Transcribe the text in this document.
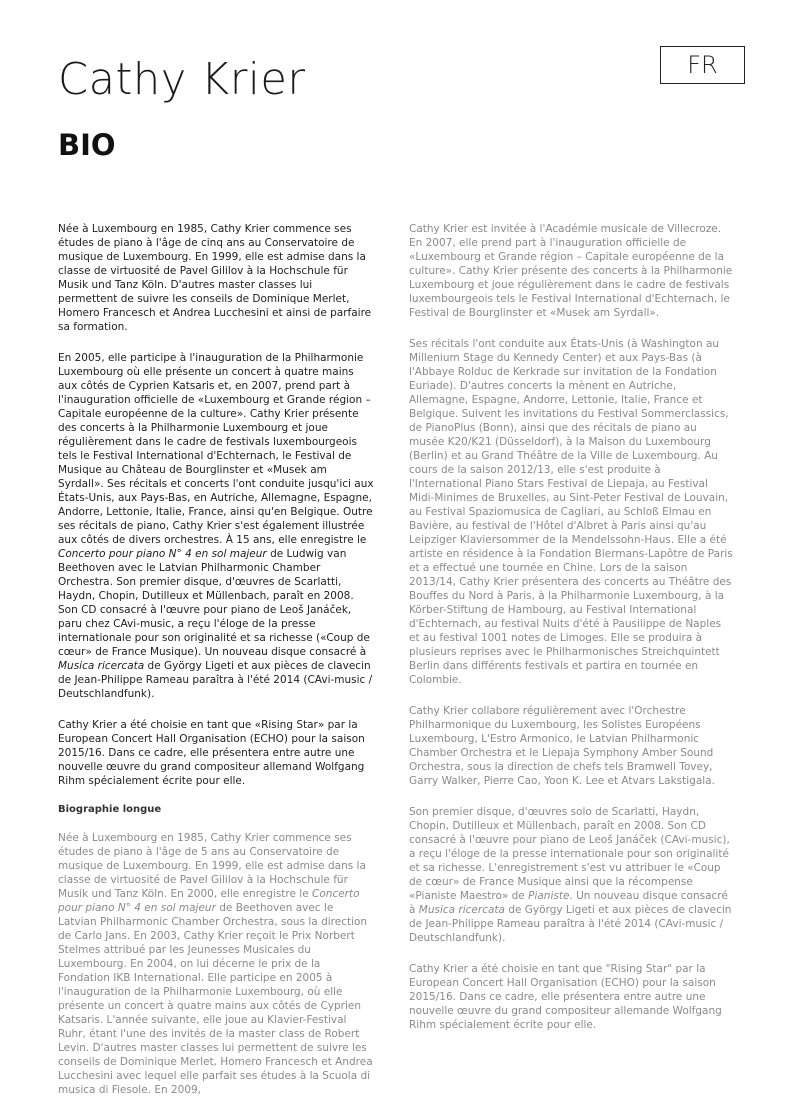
Cathy Krier	FR
BIO

Née à Luxembourg en 1985, Cathy Krier commence ses études de piano à l'âge de cinq ans au Conservatoire de musique de Luxembourg. En 1999, elle est admise dans la classe de virtuosité de Pavel Gililov à la Hochschule für Musik und Tanz Köln. D'autres master classes lui permettent de suivre les conseils de Dominique Merlet, Homero Francesch et Andrea Lucchesini et ainsi de parfaire sa formation.

En 2005, elle participe à l'inauguration de la Philharmonie Luxembourg où elle présente un concert à quatre mains aux côtés de Cyprien Katsaris et, en 2007, prend part à l'inauguration officielle de «Luxembourg et Grande région – Capitale européenne de la culture». Cathy Krier présente des concerts à la Philharmonie Luxembourg et joue régulièrement dans le cadre de festivals luxembourgeois tels le Festival International d'Echternach, le Festival de Musique au Château de Bourglinster et «Musek am Syrdall». Ses récitals et concerts l'ont conduite jusqu'ici aux États-Unis, aux Pays-Bas, en Autriche, Allemagne, Espagne, Andorre, Lettonie, Italie, France, ainsi qu'en Belgique. Outre ses récitals de piano, Cathy Krier s'est également illustrée aux côtés de divers orchestres. À 15 ans, elle enregistre le Concerto pour piano N° 4 en sol majeur de Ludwig van Beethoven avec le Latvian Philharmonic Chamber Orchestra. Son premier disque, d'œuvres de Scarlatti, Haydn, Chopin, Dutilleux et Müllenbach, paraît en 2008. Son CD consacré à l'œuvre pour piano de Leoš Janáček, paru chez CAvi-music, a reçu l'éloge de la presse internationale pour son originalité et sa richesse («Coup de cœur» de France Musique). Un nouveau disque consacré à Musica ricercata de György Ligeti et aux pièces de clavecin de Jean-Philippe Rameau paraîtra à l'été 2014 (CAvi-music / Deutschlandfunk).

Cathy Krier a été choisie en tant que «Rising Star» par la European Concert Hall Organisation (ECHO) pour la saison 2015/16. Dans ce cadre, elle présentera entre autre une nouvelle œuvre du grand compositeur allemand Wolfgang Rihm spécialement écrite pour elle.

Biographie longue

Née à Luxembourg en 1985, Cathy Krier commence ses études de piano à l'âge de 5 ans au Conservatoire de musique de Luxembourg. En 1999, elle est admise dans la classe de virtuosité de Pavel Gililov à la Hochschule für Musik und Tanz Köln. En 2000, elle enregistre le Concerto pour piano N° 4 en sol majeur de Beethoven avec le Latvian Philharmonic Chamber Orchestra, sous la direction de Carlo Jans. En 2003, Cathy Krier reçoit le Prix Norbert Stelmes attribué par les Jeunesses Musicales du Luxembourg. En 2004, on lui décerne le prix de la Fondation IKB International. Elle participe en 2005 à l'inauguration de la Philharmonie Luxembourg, où elle présente un concert à quatre mains aux côtés de Cyprien Katsaris. L'année suivante, elle joue au Klavier-Festival Ruhr, étant l'une des invités de la master class de Robert Levin. D'autres master classes lui permettent de suivre les conseils de Dominique Merlet, Homero Francesch et Andrea Lucchesini avec lequel elle parfait ses études à la Scuola di musica di Fiesole. En 2009,

Cathy Krier est invitée à l'Académie musicale de Villecroze. En 2007, elle prend part à l'inauguration officielle de «Luxembourg et Grande région – Capitale européenne de la culture». Cathy Krier présente des concerts à la Philharmonie Luxembourg et joue régulièrement dans le cadre de festivals luxembourgeois tels le Festival International d'Echternach, le Festival de Bourglinster et «Musek am Syrdall».

Ses récitals l'ont conduite aux États-Unis (à Washington au Millenium Stage du Kennedy Center) et aux Pays-Bas (à l'Abbaye Rolduc de Kerkrade sur invitation de la Fondation Euriade). D'autres concerts la mènent en Autriche, Allemagne, Espagne, Andorre, Lettonie, Italie, France et Belgique. Suivent les invitations du Festival Sommerclassics, de PianoPlus (Bonn), ainsi que des récitals de piano au musée K20/K21 (Düsseldorf), à la Maison du Luxembourg (Berlin) et au Grand Théâtre de la Ville de Luxembourg. Au cours de la saison 2012/13, elle s'est produite à l'International Piano Stars Festival de Liepaja, au Festival Midi-Minimes de Bruxelles, au Sint-Peter Festival de Louvain, au Festival Spaziomusica de Cagliari, au Schloß Elmau en Bavière, au festival de l'Hôtel d'Albret à Paris ainsi qu'au Leipziger Klaviersommer de la Mendelssohn-Haus. Elle a été artiste en résidence à la Fondation Biermans-Lapôtre de Paris et a effectué une tournée en Chine. Lors de la saison 2013/14, Cathy Krier présentera des concerts au Théâtre des Bouffes du Nord à Paris, à la Philharmonie Luxembourg, à la Körber-Stiftung de Hambourg, au Festival International d'Echternach, au festival Nuits d'été à Pausilippe de Naples et au festival 1001 notes de Limoges. Elle se produira à plusieurs reprises avec le Philharmonisches Streichquintett Berlin dans différents festivals et partira en tournée en Colombie.

Cathy Krier collabore régulièrement avec l'Orchestre Philharmonique du Luxembourg, les Solistes Européens Luxembourg, L'Estro Armonico, le Latvian Philharmonic Chamber Orchestra et le Liepaja Symphony Amber Sound Orchestra, sous la direction de chefs tels Bramwell Tovey, Garry Walker, Pierre Cao, Yoon K. Lee et Atvars Lakstigala.

Son premier disque, d'œuvres solo de Scarlatti, Haydn, Chopin, Dutilleux et Müllenbach, paraît en 2008. Son CD consacré à l'œuvre pour piano de Leoš Janáček (CAvi-music), a reçu l'éloge de la presse internationale pour son originalité et sa richesse. L'enregistrement s'est vu attribuer le «Coup de cœur» de France Musique ainsi que la récompense «Pianiste Maestro» de Pianiste. Un nouveau disque consacré à Musica ricercata de György Ligeti et aux pièces de clavecin de Jean-Philippe Rameau paraîtra à l'été 2014 (CAvi-music / Deutschlandfunk).

Cathy Krier a été choisie en tant que "Rising Star" par la European Concert Hall Organisation (ECHO) pour la saison 2015/16. Dans ce cadre, elle présentera entre autre une nouvelle œuvre du grand compositeur allemande Wolfgang Rihm spécialement écrite pour elle.
